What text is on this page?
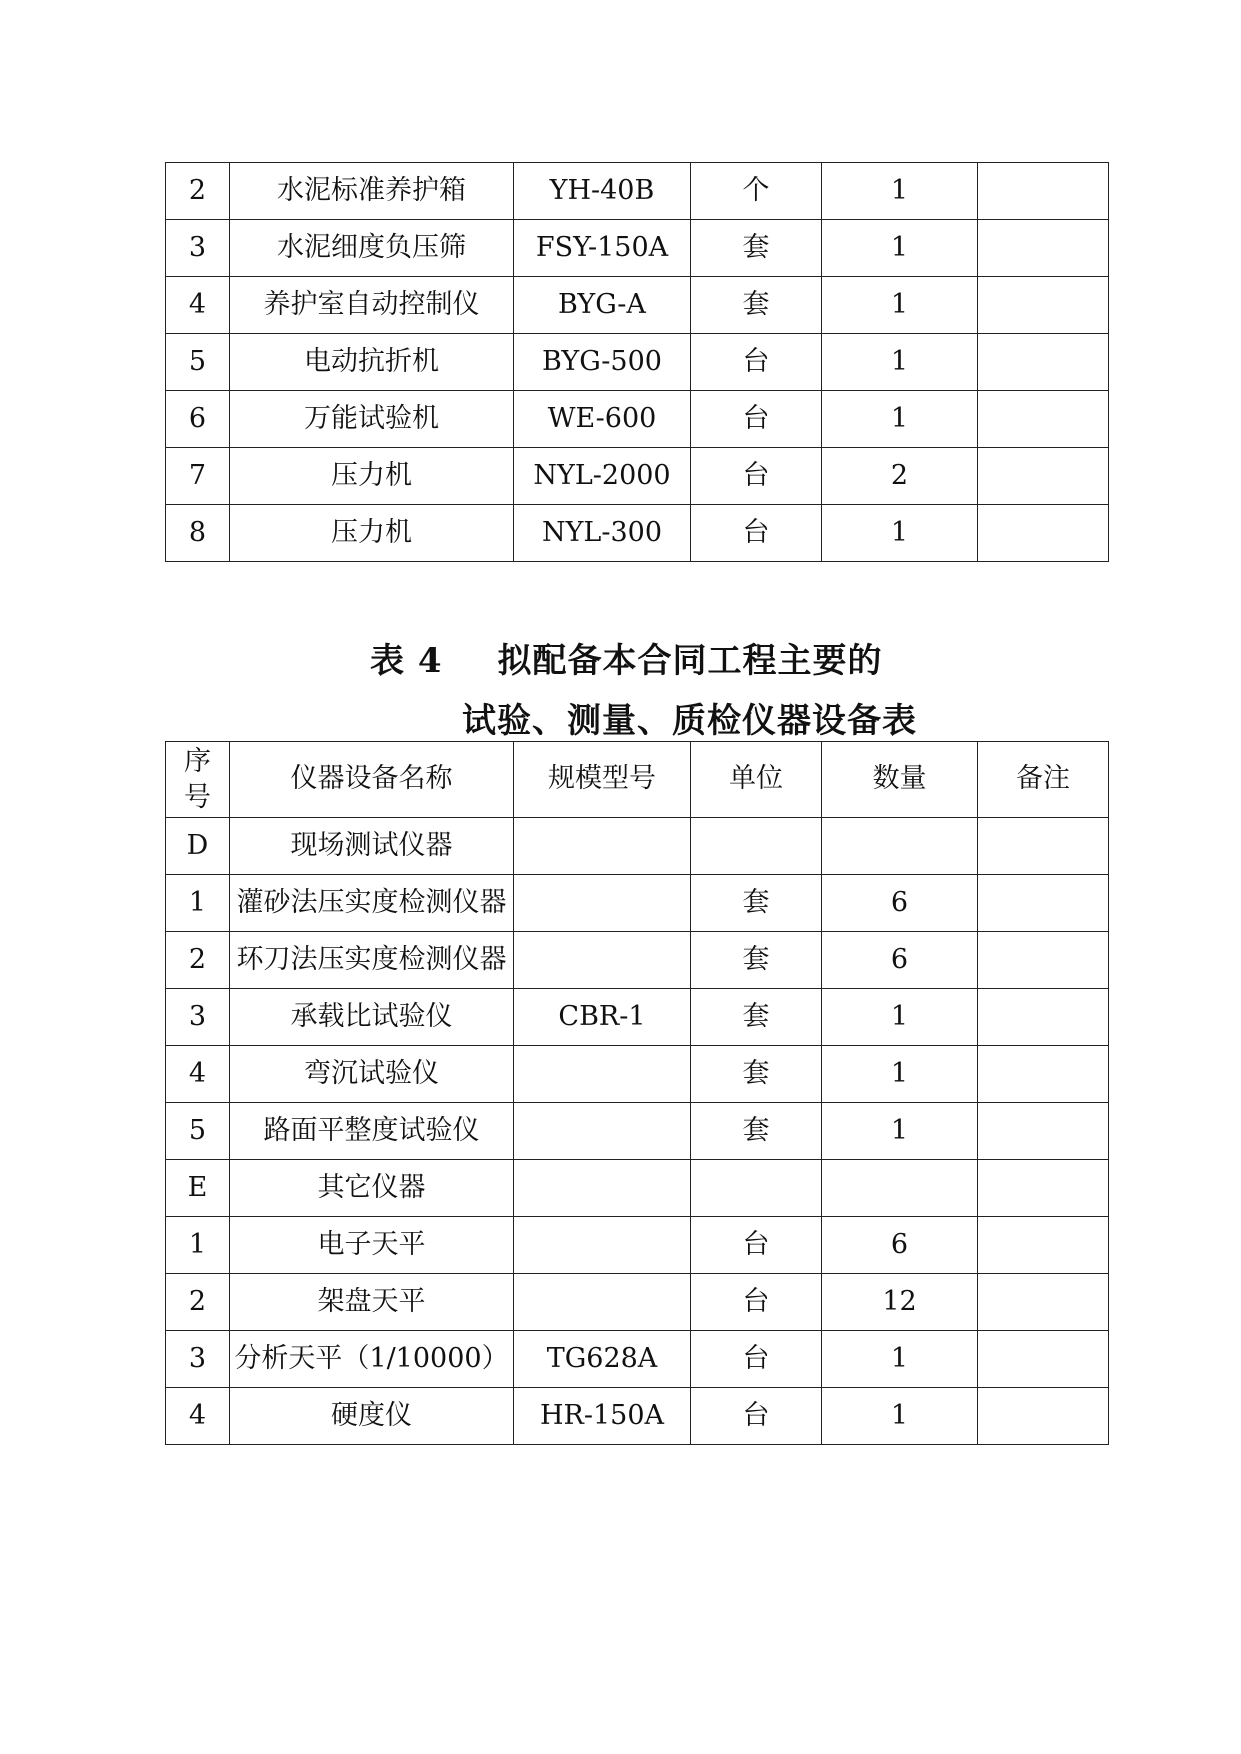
2	水泥标准养护箱	YH-40B	个	1	
3	水泥细度负压筛	FSY-150A	套	1	
4	养护室自动控制仪	BYG-A	套	1	
5	电动抗折机	BYG-500	台	1	
6	万能试验机	WE-600	台	1	
7	压力机	NYL-2000	台	2	
8	压力机	NYL-300	台	1	
表 4 拟配备本合同工程主要的
试验、测量、质检仪器设备表
序
号	仪器设备名称	规模型号	单位	数量	备注
D	现场测试仪器				
1	灌砂法压实度检测仪器		套	6	
2	环刀法压实度检测仪器		套	6	
3	承载比试验仪	CBR-1	套	1	
4	弯沉试验仪		套	1	
5	路面平整度试验仪		套	1	
E	其它仪器				
1	电子天平		台	6	
2	架盘天平		台	12	
3	分析天平（1/10000）	TG628A	台	1	
4	硬度仪	HR-150A	台	1	
